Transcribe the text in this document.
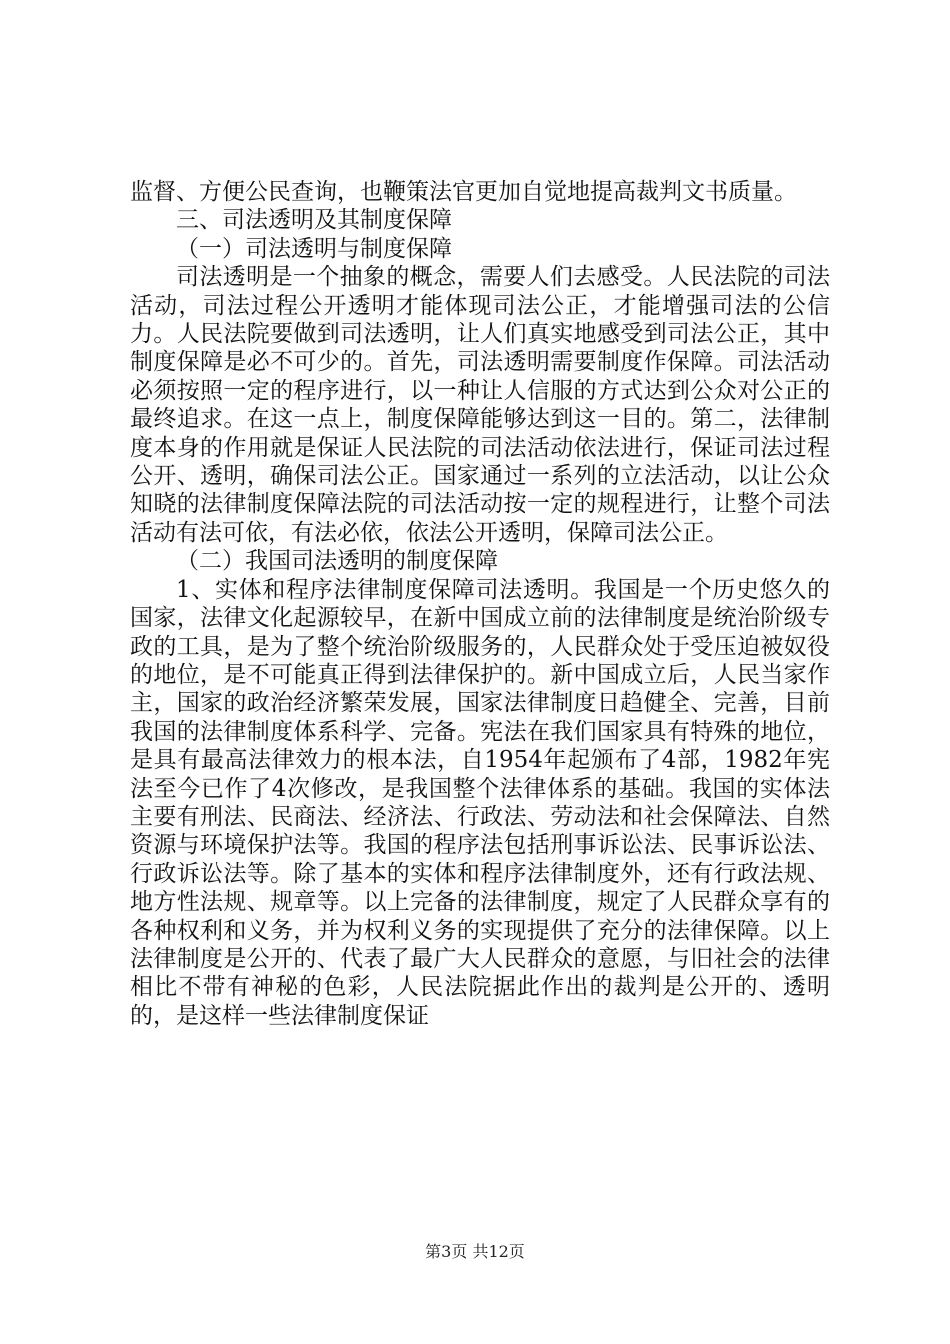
监督、方便公民查询，也鞭策法官更加自觉地提高裁判文书质量。

三、司法透明及其制度保障

（一）司法透明与制度保障

司法透明是一个抽象的概念，需要人们去感受。人民法院的司法活动，司法过程公开透明才能体现司法公正，才能增强司法的公信力。人民法院要做到司法透明，让人们真实地感受到司法公正，其中制度保障是必不可少的。首先，司法透明需要制度作保障。司法活动必须按照一定的程序进行，以一种让人信服的方式达到公众对公正的最终追求。在这一点上，制度保障能够达到这一目的。第二，法律制度本身的作用就是保证人民法院的司法活动依法进行，保证司法过程公开、透明，确保司法公正。国家通过一系列的立法活动，以让公众知晓的法律制度保障法院的司法活动按一定的规程进行，让整个司法活动有法可依，有法必依，依法公开透明，保障司法公正。

（二）我国司法透明的制度保障

1、实体和程序法律制度保障司法透明。我国是一个历史悠久的国家，法律文化起源较早，在新中国成立前的法律制度是统治阶级专政的工具，是为了整个统治阶级服务的，人民群众处于受压迫被奴役的地位，是不可能真正得到法律保护的。新中国成立后，人民当家作主，国家的政治经济繁荣发展，国家法律制度日趋健全、完善，目前我国的法律制度体系科学、完备。宪法在我们国家具有特殊的地位，是具有最高法律效力的根本法，自1954年起颁布了4部，1982年宪法至今已作了4次修改，是我国整个法律体系的基础。我国的实体法主要有刑法、民商法、经济法、行政法、劳动法和社会保障法、自然资源与环境保护法等。我国的程序法包括刑事诉讼法、民事诉讼法、行政诉讼法等。除了基本的实体和程序法律制度外，还有行政法规、地方性法规、规章等。以上完备的法律制度，规定了人民群众享有的各种权利和义务，并为权利义务的实现提供了充分的法律保障。以上法律制度是公开的、代表了最广大人民群众的意愿，与旧社会的法律相比不带有神秘的色彩，人民法院据此作出的裁判是公开的、透明的，是这样一些法律制度保证

第3页 共12页
